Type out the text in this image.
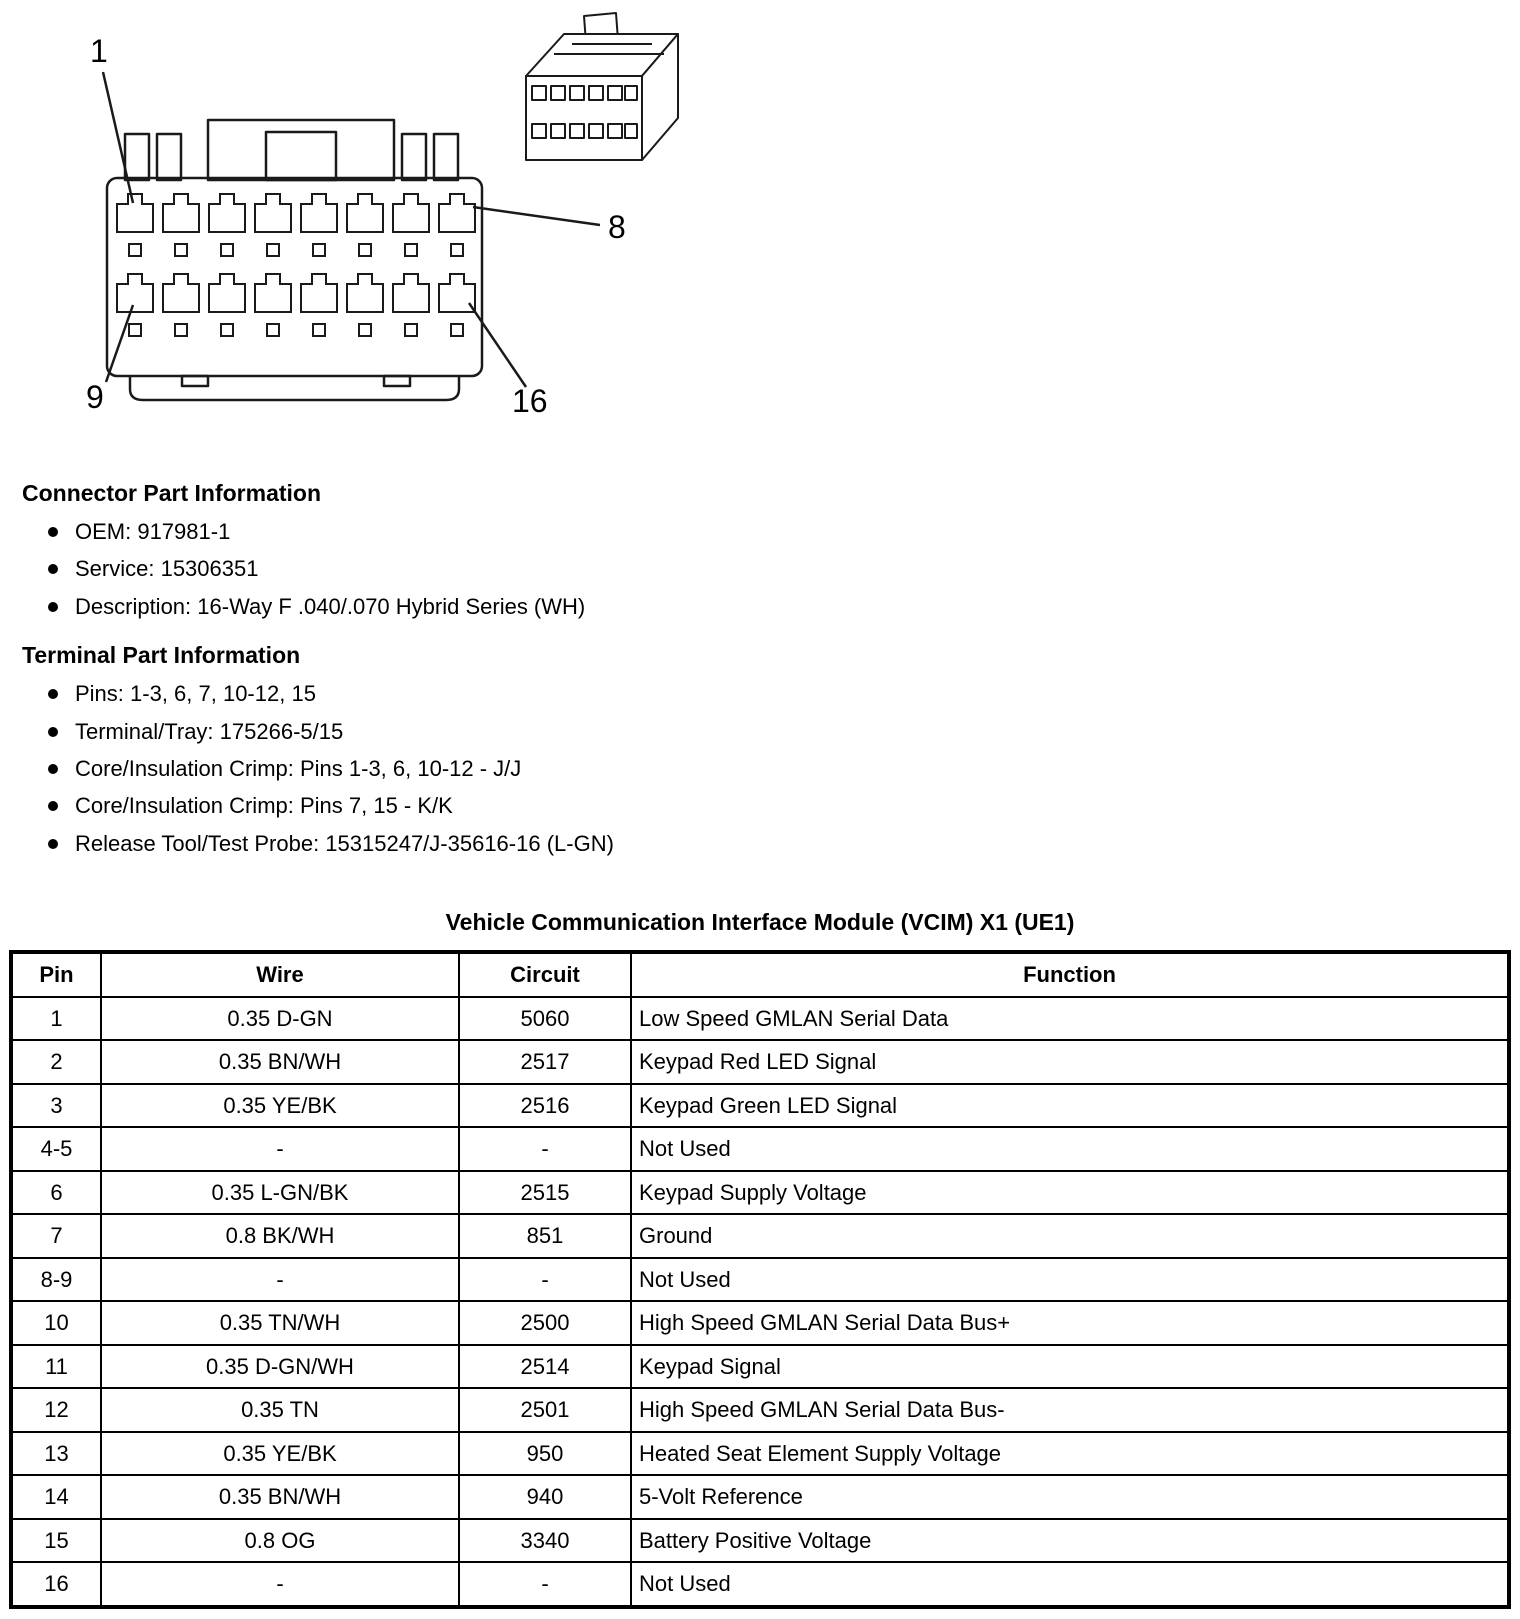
1
8
9	16
Connector Part Information
OEM: 917981-1
Service: 15306351
Description: 16-Way F .040/.070 Hybrid Series (WH)
Terminal Part Information
Pins: 1-3, 6, 7, 10-12, 15
Terminal/Tray: 175266-5/15
Core/Insulation Crimp: Pins 1-3, 6, 10-12 - J/J
Core/Insulation Crimp: Pins 7, 15 - K/K
Release Tool/Test Probe: 15315247/J-35616-16 (L-GN)
Vehicle Communication Interface Module (VCIM) X1 (UE1)
Pin	Wire	Circuit	Function
1	0.35 D-GN	5060	Low Speed GMLAN Serial Data
2	0.35 BN/WH	2517	Keypad Red LED Signal
3	0.35 YE/BK	2516	Keypad Green LED Signal
4-5	-	-	Not Used
6	0.35 L-GN/BK	2515	Keypad Supply Voltage
7	0.8 BK/WH	851	Ground
8-9	-	-	Not Used
10	0.35 TN/WH	2500	High Speed GMLAN Serial Data Bus+
11	0.35 D-GN/WH	2514	Keypad Signal
12	0.35 TN	2501	High Speed GMLAN Serial Data Bus-
13	0.35 YE/BK	950	Heated Seat Element Supply Voltage
14	0.35 BN/WH	940	5-Volt Reference
15	0.8 OG	3340	Battery Positive Voltage
16	-	-	Not Used
